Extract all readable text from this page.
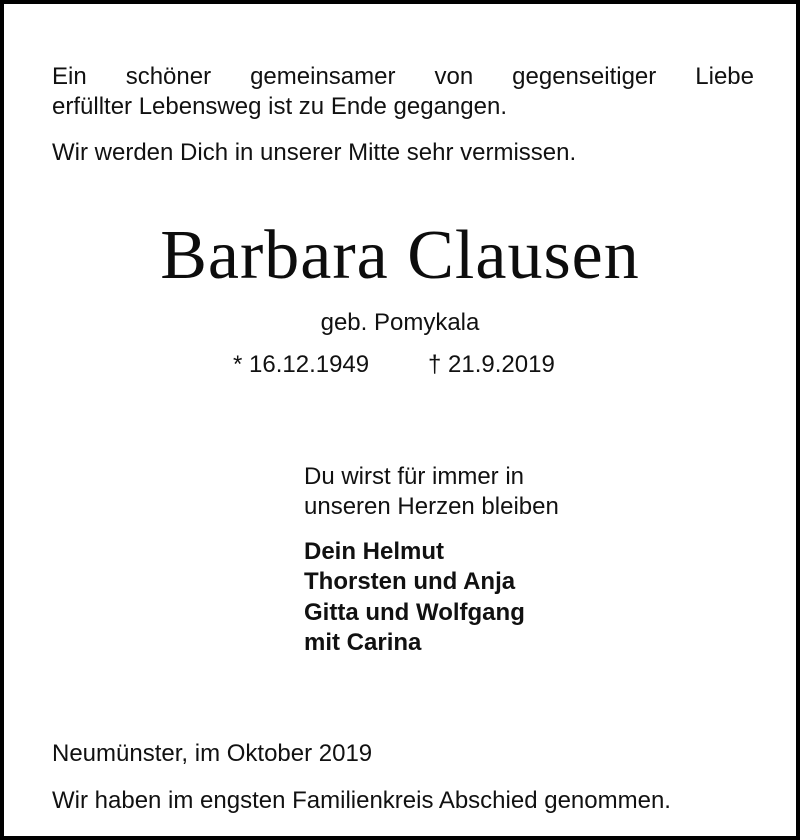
Ein schöner gemeinsamer von gegenseitiger Liebe
erfüllter Lebensweg ist zu Ende gegangen.
Wir werden Dich in unserer Mitte sehr vermissen.
Barbara Clausen
geb. Pomykala
* 16.12.1949 † 21.9.2019
Du wirst für immer in
unseren Herzen bleiben
Dein Helmut
Thorsten und Anja
Gitta und Wolfgang
mit Carina
Neumünster, im Oktober 2019
Wir haben im engsten Familienkreis Abschied genommen.
